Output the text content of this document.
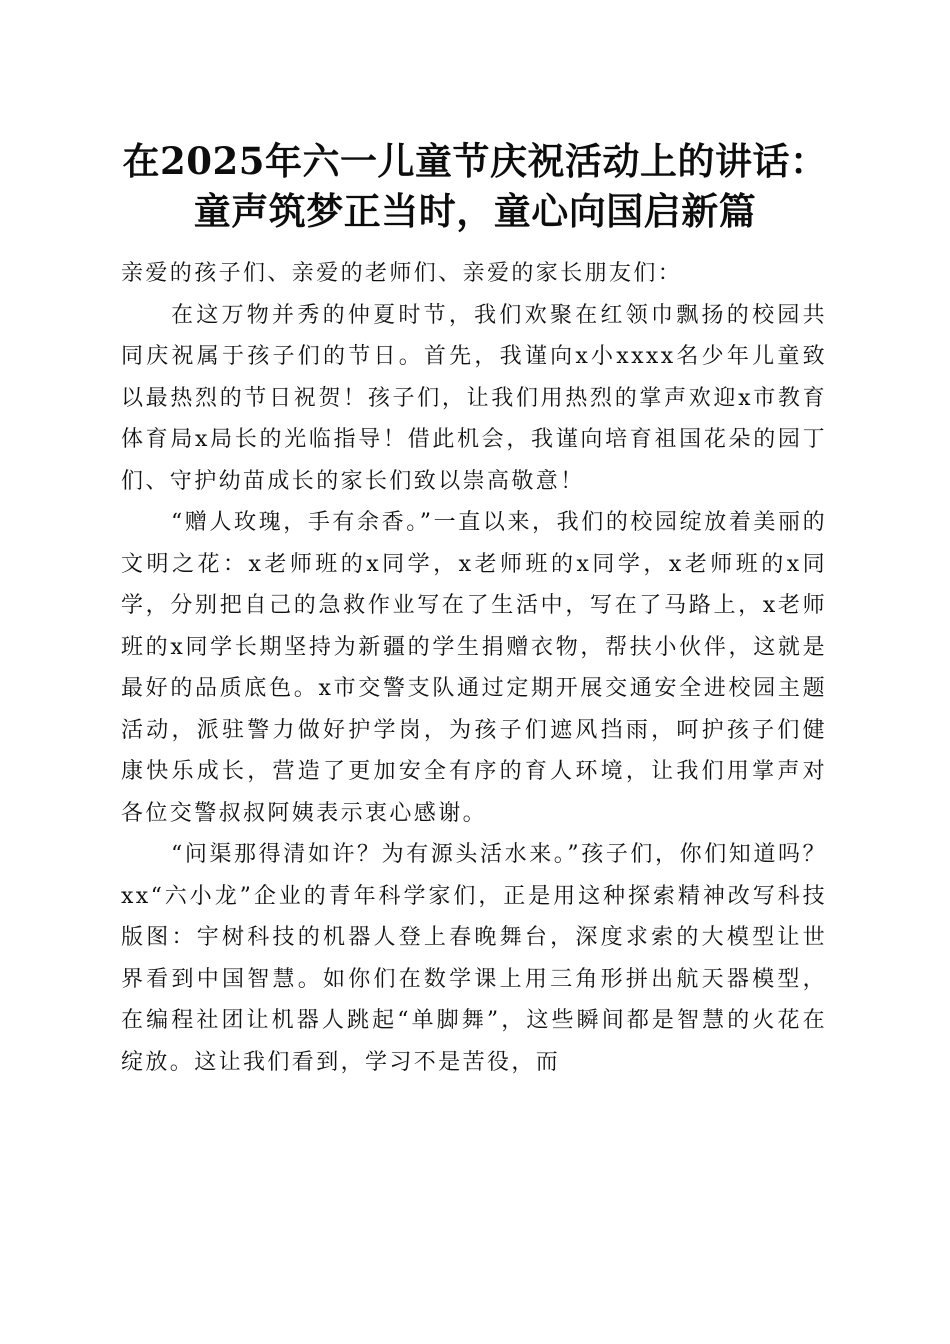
在2025年六一儿童节庆祝活动上的讲话：童声筑梦正当时，童心向国启新篇

亲爱的孩子们、亲爱的老师们、亲爱的家长朋友们：

在这万物并秀的仲夏时节，我们欢聚在红领巾飘扬的校园共同庆祝属于孩子们的节日。首先，我谨向x小xxxx名少年儿童致以最热烈的节日祝贺！孩子们，让我们用热烈的掌声欢迎x市教育体育局x局长的光临指导！借此机会，我谨向培育祖国花朵的园丁们、守护幼苗成长的家长们致以崇高敬意！

“赠人玫瑰，手有余香。”一直以来，我们的校园绽放着美丽的文明之花：x老师班的x同学，x老师班的x同学，x老师班的x同学，分别把自己的急救作业写在了生活中，写在了马路上，x老师班的x同学长期坚持为新疆的学生捐赠衣物，帮扶小伙伴，这就是最好的品质底色。x市交警支队通过定期开展交通安全进校园主题活动，派驻警力做好护学岗，为孩子们遮风挡雨，呵护孩子们健康快乐成长，营造了更加安全有序的育人环境，让我们用掌声对各位交警叔叔阿姨表示衷心感谢。

“问渠那得清如许？为有源头活水来。”孩子们，你们知道吗？xx“六小龙”企业的青年科学家们，正是用这种探索精神改写科技版图：宇树科技的机器人登上春晚舞台，深度求索的大模型让世界看到中国智慧。如你们在数学课上用三角形拼出航天器模型，在编程社团让机器人跳起“单脚舞”，这些瞬间都是智慧的火花在绽放。这让我们看到，学习不是苦役，而
